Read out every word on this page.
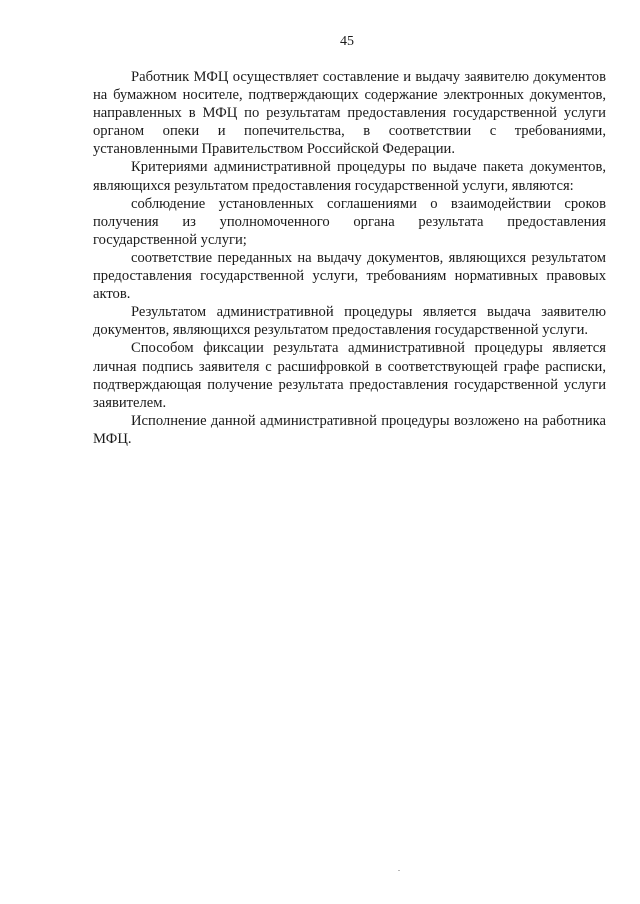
45

Работник МФЦ осуществляет составление и выдачу заявителю документов на бумажном носителе, подтверждающих содержание электронных документов, направленных в МФЦ по результатам предоставления государственной услуги органом опеки и попечительства, в соответствии с требованиями, установленными Правительством Российской Федерации.

Критериями административной процедуры по выдаче пакета документов, являющихся результатом предоставления государственной услуги, являются:

соблюдение установленных соглашениями о взаимодействии сроков получения из уполномоченного органа результата предоставления государственной услуги;

соответствие переданных на выдачу документов, являющихся результатом предоставления государственной услуги, требованиям нормативных правовых актов.

Результатом административной процедуры является выдача заявителю документов, являющихся результатом предоставления государственной услуги.

Способом фиксации результата административной процедуры является личная подпись заявителя с расшифровкой в соответствующей графе расписки, подтверждающая получение результата предоставления государственной услуги заявителем.

Исполнение данной административной процедуры возложено на работника МФЦ.
